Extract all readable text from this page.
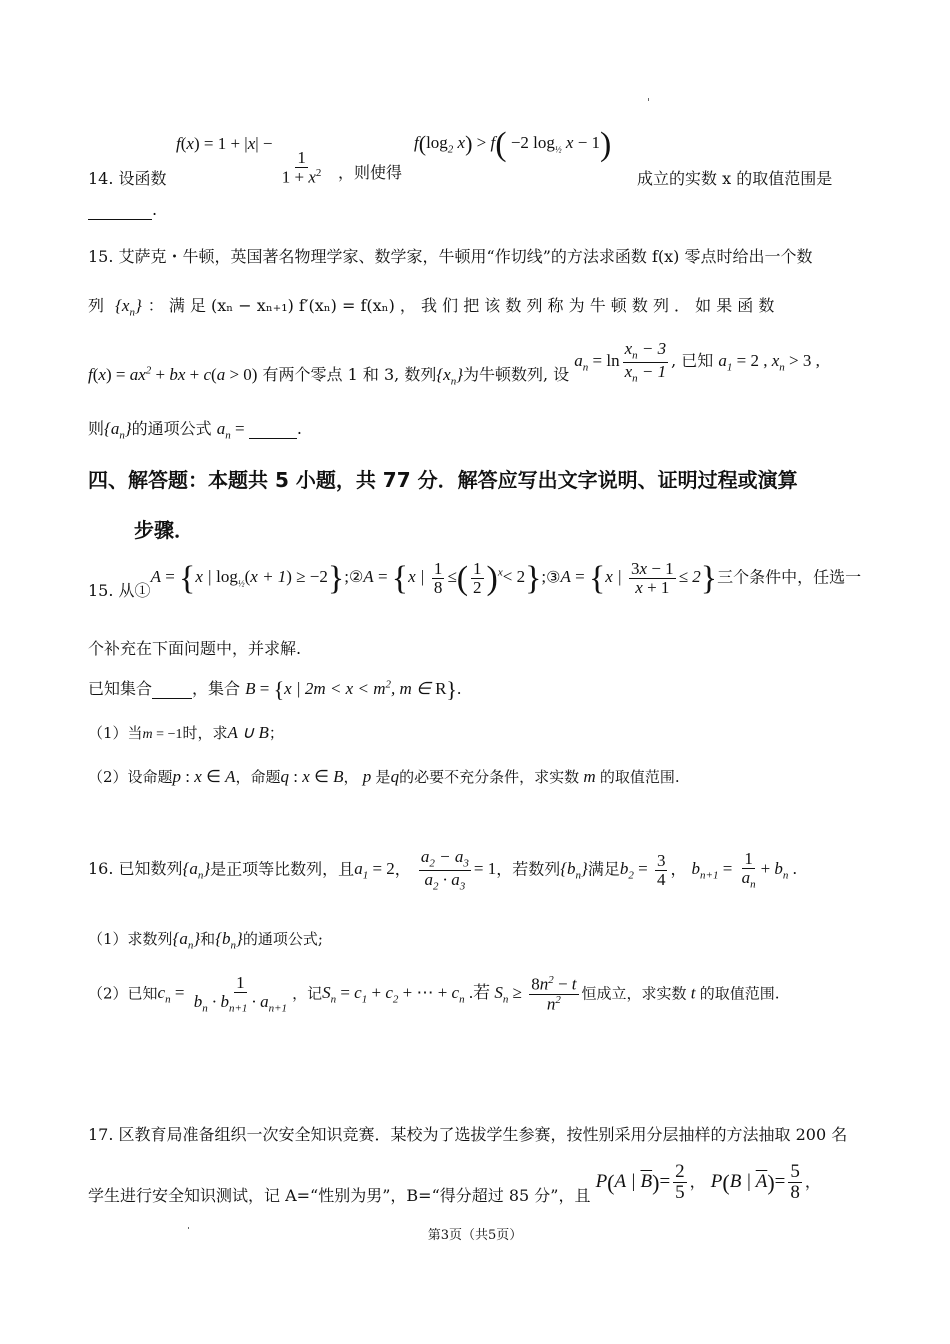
14. 设函数
f(x) = 1 + |x| −
$\frac{1}{1 + x^2}$ ，则使得
$f(\log_2$ x) > f( −2 $\log_{\frac{1}{2}} x - 1$)
成立的实数 x 的取值范围是
.
15. 艾萨克・牛顿，英国著名物理学家、数学家，牛顿用“作切线”的方法求函数 f(x) 零点时给出一个数
列 $\{x_n\}$ ： 满 足 (xₙ − xₙ₊₁) f′(xₙ) = f(xₙ) ， 我 们 把 该 数 列 称 为 牛 顿 数 列 ． 如 果 函 数
$f(x) = ax^2$ + bx + c(a > 0) 有两个零点 1 和 3, 数列$\{x_n\}$为牛顿数列, 设 $a_n = \ln \frac{x_n - 3}{x_n - 1}$ , 已知 $a_1 = 2$ , $x_n > 3$ ,
则$\{a_n\}$的通项公式 $a_n$ =	.
四、解答题：本题共 5 小题，共 77 分．解答应写出文字说明、证明过程或演算
步骤．
15. 从①A = {x | $\log_{\frac{1}{2}}(x + 1)$ ≥ −2};②A = {x | $\frac{1}{8}$ ≤( $\frac{1}{2} )^x<$ 2};③A = {x | $\frac{3x - 1}{x + 1} \le 2$}三个条件中，任选一
个补充在下面问题中，并求解.
已知集合	，集合 B = {x | $2m < x < m^2$, m ∈ R}.
（1）当m = −1时，求A ∪ B；
（2）设命题p : x ∈ A，命题q : x ∈ B， p 是q的必要不充分条件，求实数 m 的取值范围.
16. 已知数列$\{a_n\}$是正项等比数列，且$a_1 = 2$， $\frac{a_2 - a_3}{a_2 \cdot a_3} = 1$，若数列$\{b_n\}$满足$b_2 = \frac{3}{4}$ ， $b_{n+1} = \frac{1}{a_n} + b_n$ .
（1）求数列$\{a_n\}$和$\{b_n\}$的通项公式;
（2）已知$c_n = \frac{1}{b_n \cdot b_{n+1} \cdot a_{n+1}}$ ，记$S_n = c_1 + c_2$ + ⋯ + $c_n$ .若 $S_n \ge \frac{8n^2 - t}{n^2}$ 恒成立，求实数 t 的取值范围.
17. 区教育局准备组织一次安全知识竞赛．某校为了选拔学生参赛，按性别采用分层抽样的方法抽取 200 名
学生进行安全知识测试，记 A=“性别为男”，B=“得分超过 85 分”，且 P(A | $\overline{B})= \frac{2}{5}$ ， P(B | $\overline{A})= \frac{5}{8}$ ，
第3页（共5页）
